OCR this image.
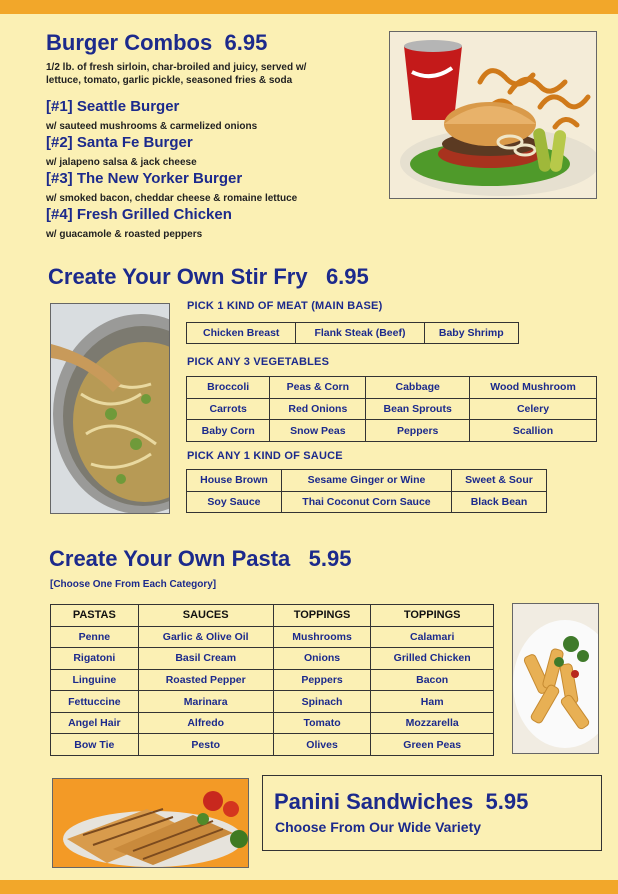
Burger Combos 6.95
1/2 lb. of fresh sirloin, char-broiled and juicy, served w/
lettuce, tomato, garlic pickle, seasoned fries & soda
[#1] Seattle Burger
w/ sauteed mushrooms & carmelized onions
[#2] Santa Fe Burger
w/ jalapeno salsa & jack cheese
[#3] The New Yorker Burger
w/ smoked bacon, cheddar cheese & romaine lettuce
[#4] Fresh Grilled Chicken
w/ guacamole & roasted peppers
Create Your Own Stir Fry 6.95
PICK 1 KIND OF MEAT (MAIN BASE)
Chicken Breast	Flank Steak (Beef)	Baby Shrimp
PICK ANY 3 VEGETABLES
Broccoli	Peas & Corn	Cabbage	Wood Mushroom
Carrots	Red Onions	Bean Sprouts	Celery
Baby Corn	Snow Peas	Peppers	Scallion
PICK ANY 1 KIND OF SAUCE
House Brown	Sesame Ginger or Wine	Sweet & Sour
Soy Sauce	Thai Coconut Corn Sauce	Black Bean
Create Your Own Pasta 5.95
[Choose One From Each Category]
PASTAS	SAUCES	TOPPINGS	TOPPINGS
Penne	Garlic & Olive Oil	Mushrooms	Calamari
Rigatoni	Basil Cream	Onions	Grilled Chicken
Linguine	Roasted Pepper	Peppers	Bacon
Fettuccine	Marinara	Spinach	Ham
Angel Hair	Alfredo	Tomato	Mozzarella
Bow Tie	Pesto	Olives	Green Peas
Panini Sandwiches 5.95
Choose From Our Wide Variety
